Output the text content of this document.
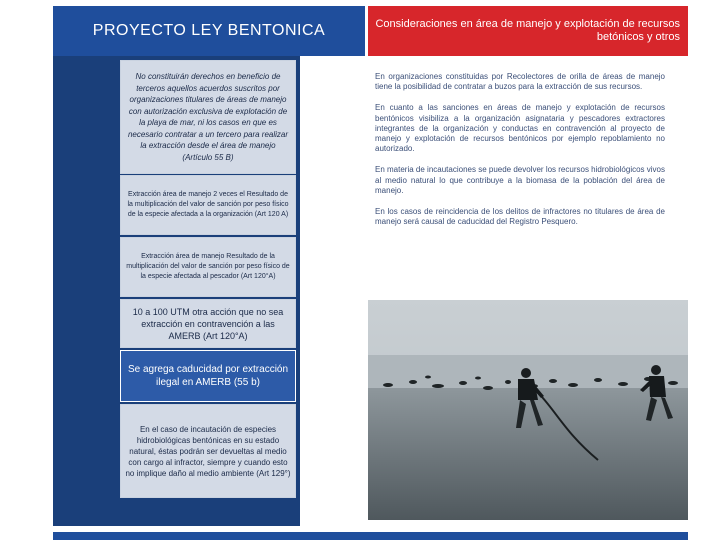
PROYECTO LEY BENTONICA	Consideraciones en área de manejo y explotación de recursos betónicos y otros
No constituirán derechos en beneficio de terceros aquellos acuerdos suscritos por organizaciones titulares de áreas de manejo con autorización exclusiva de explotación de la playa de mar, ni los casos en que es necesario contratar a un tercero para realizar la extracción desde el área de manejo (Artículo 55 B)
Extracción área de manejo 2 veces el Resultado de la multiplicación del valor de sanción por peso físico de la especie afectada a la organización (Art 120 A)
Extracción área de manejo Resultado de la multiplicación del valor de sanción por peso físico de la especie afectada al pescador (Art 120°A)
10 a 100 UTM otra acción que no sea extracción en contravención a las AMERB (Art 120°A)
Se agrega caducidad por extracción ilegal en AMERB (55 b)
En el caso de incautación de especies hidrobiológicas bentónicas en su estado natural, éstas podrán ser devueltas al medio con cargo al infractor, siempre y cuando esto no implique daño al medio ambiente (Art 129°)

En organizaciones constituidas por Recolectores de orilla de áreas de manejo tiene la posibilidad de contratar a buzos para la extracción de sus recursos.

En cuanto a las sanciones en áreas de manejo y explotación de recursos bentónicos visibiliza a la organización asignataria y pescadores extractores integrantes de la organización y conductas en contravención al proyecto de manejo y explotación de recursos bentónicos por ejemplo repoblamiento no autorizado.

En materia de incautaciones se puede devolver los recursos hidrobiológicos vivos al medio natural lo que contribuye a la biomasa de la población del área de manejo.

En los casos de reincidencia de los delitos de infractores no titulares de área de manejo será causal de caducidad del Registro Pesquero.
